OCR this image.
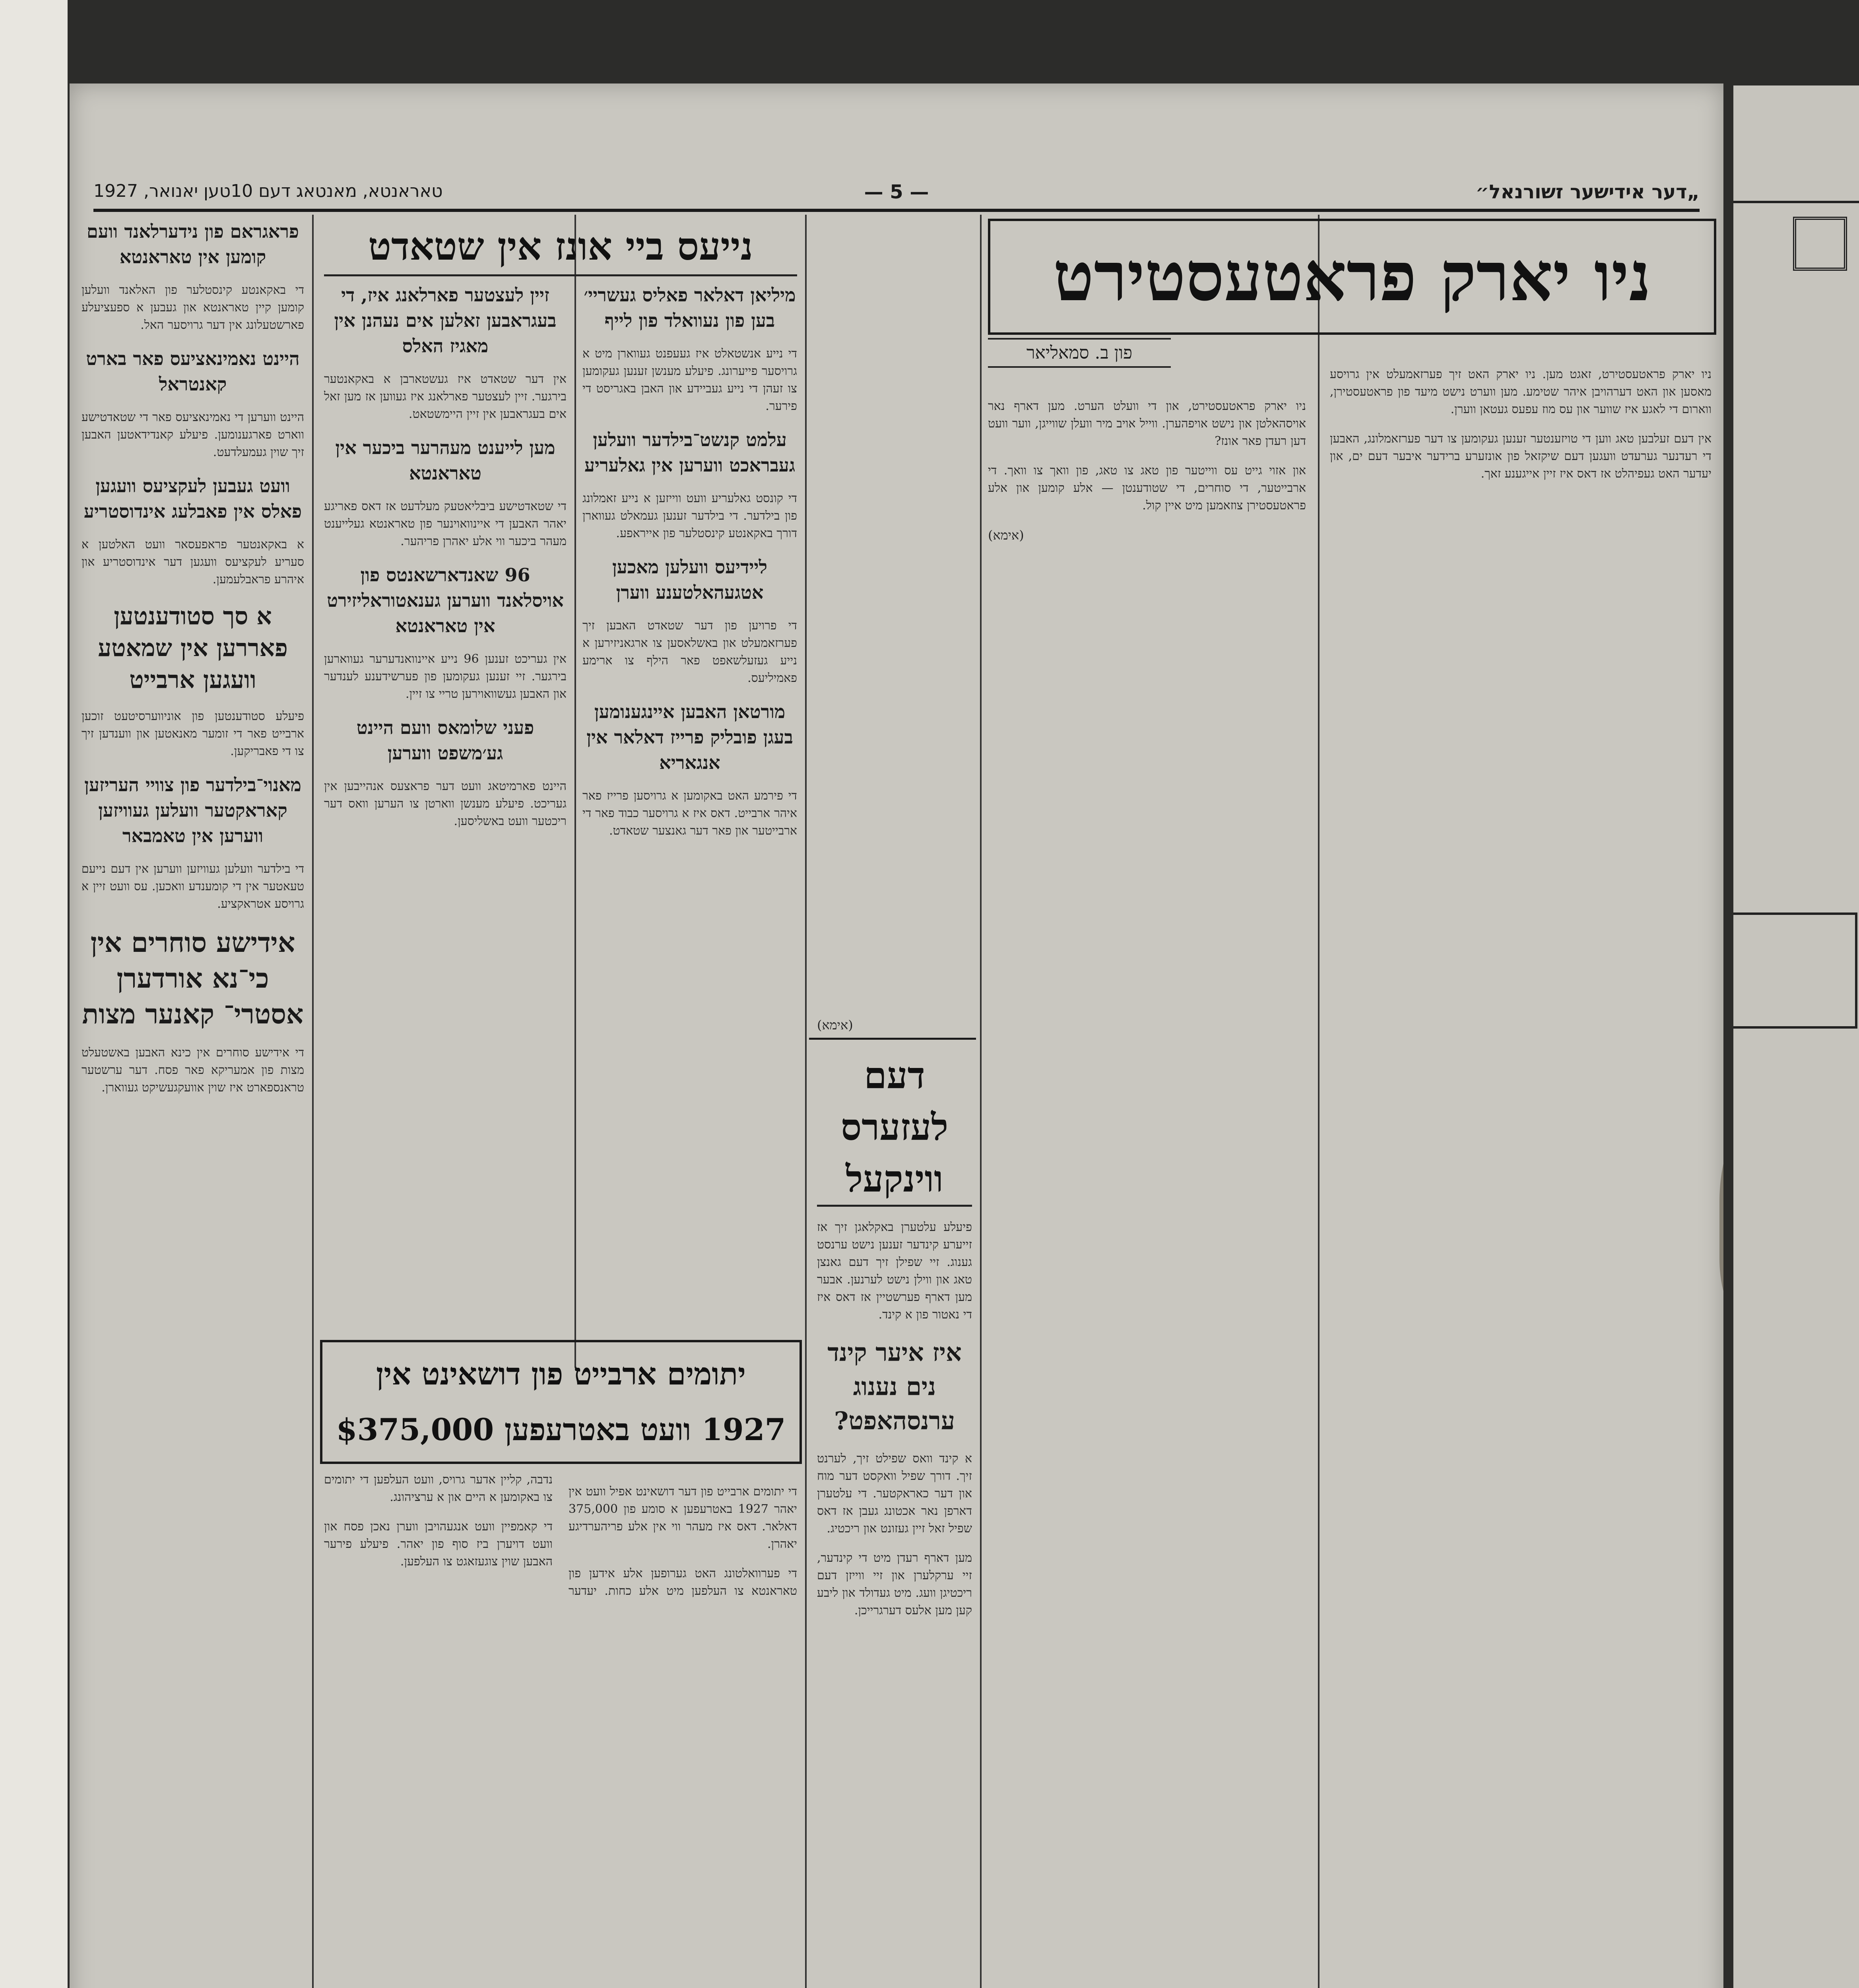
„דער אידישער זשורנאל״
— 5 —
טאראנטא, מאנטאג דעם 10טען יאנואר, 1927
ניו יארק פראטעסטירט
פון ב. סמאליאר

ניו יארק פראטעסטירט, זאגט מען. ניו יארק האט זיך פערזאמעלט אין גרויסע מאסען און האט דערהויבן איהר שטימע. מען ווערט נישט מיעד פון פראטעסטירן, ווארום די לאגע איז שווער און עס מוז עפעס געטאן ווערן.

אין דעם זעלבען טאג ווען די טויזענטער זענען געקומען צו דער פערזאמלונג, האבען די רעדנער גערעדט וועגען דעם שיקזאל פון אונזערע ברידער איבער דעם ים, און יעדער האט געפיהלט אז דאס איז זיין אייגענע זאך.

ניו יארק פראטעסטירט, און די וועלט הערט. מען דארף נאר אויסהאלטן און נישט אויפהערן. ווייל אויב מיר וועלן שווייגן, ווער וועט דען רעדן פאר אונז?

און אזוי גייט עס ווייטער פון טאג צו טאג, פון וואך צו וואך. די ארבייטער, די סוחרים, די שטודענטן — אלע קומען און אלע פראטעסטירן צוזאמען מיט איין קול.

(אימא)
(אימא)
דעם לעזערס ווינקעל

פיעלע עלטערן באקלאגן זיך אז זייערע קינדער זענען נישט ערנסט גענוג. זיי שפילן זיך דעם גאנצן טאג און ווילן נישט לערנען. אבער מען דארף פערשטיין אז דאס איז די נאטור פון א קינד.

איז איער קינד נים נענוג ערנסהאפט?

א קינד וואס שפילט זיך, לערנט זיך. דורך שפיל וואקסט דער מוח און דער כאראקטער. די עלטערן דארפן נאר אכטונג געבן אז דאס שפיל זאל זיין געזונט און ריכטיג.

מען דארף רעדן מיט די קינדער, זיי ערקלערן און זיי ווייזן דעם ריכטיגן וועג. מיט געדולד און ליבע קען מען אלעס דערגרייכן.

נייעס ביי אונז אין שטאדט
מיליאן דאלאר פאליס געשריי׳ בען פון נעוואלד פון לייף

די נייע אנשטאלט איז געעפנט געווארן מיט א גרויסער פייערונג. פיעלע מענשן זענען געקומען צו זעהן די נייע געביידע און האבן באגריסט די פירער.

עלמט קנשט־בילדער וועלען געבראכט ווערען אין גאלעריע

די קונסט גאלעריע וועט ווייזען א נייע זאמלונג פון בילדער. די בילדער זענען געמאלט געווארן דורך באקאנטע קינסטלער פון אייראפע.

ליידיעס וועלען מאכען אטגעהאלטענע ווערן

די פרויען פון דער שטאדט האבען זיך פערזאמעלט און באשלאסען צו ארגאניזירען א נייע געזעלשאפט פאר הילף צו ארימע פאמיליעס.

מורטאן האבען איינגענומען בעגן פובליק פרייז דאלאר אין אנגאריא

די פירמע האט באקומען א גרויסען פרייז פאר איהר ארבייט. דאס איז א גרויסער כבוד פאר די ארבייטער און פאר דער גאנצער שטאדט.

זיין לעצטער פארלאנג איז, די בעגראבען זאלען אים נעהנן אין מאגיז האלס

אין דער שטאדט איז געשטארבן א באקאנטער בירגער. זיין לעצטער פארלאנג איז געווען אז מען זאל אים בעגראבען אין זיין היימשטאט.

מען לייענט מעהרער ביכער אין טאראנטא

די שטאדטישע ביבליאטעק מעלדעט אז דאס פאריגע יאהר האבען די איינוואוינער פון טאראנטא געלייענט מעהר ביכער ווי אלע יאהרן פריהער.

96 שאנדארשאנטס פון אויסלאנד ווערען גענאטוראליזירט אין טאראנטא

אין געריכט זענען 96 נייע איינוואנדערער געווארען בירגער. זיי זענען געקומען פון פערשידענע לענדער און האבען געשוואוירען טריי צו זיין.

פעני שלומאס וועם היינט גע׳משפט ווערען

היינט פארמיטאג וועט דער פראצעס אנהייבען אין געריכט. פיעלע מענשן ווארטן צו הערען וואס דער ריכטער וועט באשליסען.

יתומים ארבייט פון דושאינט אין 1927 וועט באטרעפען $375,000

די יתומים ארבייט פון דער דושאינט אפיל וועט אין יאהר 1927 באטרעפען א סומע פון 375,000 דאלאר. דאס איז מעהר ווי אין אלע פריהערדיגע יאהרן.

די פערוואלטונג האט גערופען אלע אידען פון טאראנטא צו העלפען מיט אלע כחות. יעדער נדבה, קליין אדער גרויס, וועט העלפען די יתומים צו באקומען א היים און א ערציהונג.

די קאמפיין וועט אנגעהויבן ווערן נאכן פסח און וועט דויערן ביז סוף פון יאהר. פיעלע פירער האבען שוין צוגעזאגט צו העלפען.

פראגראם פון נידערלאנד וועם קומען אין טאראנטא

די באקאנטע קינסטלער פון האלאנד וועלען קומען קיין טאראנטא און געבען א ספעציעלע פארשטעלונג אין דער גרויסער האל.

היינט נאמינאציעס פאר בארט קאנטראל

היינט ווערען די נאמינאציעס פאר די שטאדטישע ווארט פארגענומען. פיעלע קאנדידאטען האבען זיך שוין געמעלדעט.

וועט געבען לעקציעס וועגען פאלס אין פאבלעג אינדוסטריע

א באקאנטער פראפעסאר וועט האלטען א סעריע לעקציעס וועגען דער אינדוסטריע און איהרע פראבלעמען.

א סך סטודענטען פאררען אין שמאטע וועגען ארבייט

פיעלע סטודענטען פון אוניווערסיטעט זוכען ארבייט פאר די זומער מאנאטען און ווענדען זיך צו די פאבריקען.

מאנוי־בילדער פון צוויי העריזען קאראקטער וועלען געוויזען ווערען אין טאמבאר

די בילדער וועלען געוויזען ווערען אין דעם נייעם טעאטער אין די קומענדע וואכען. עס וועט זיין א גרויסע אטראקציע.

אידישע סוחרים אין כי־נא אורדערן אסטרי־ קאנער מצות

די אידישע סוחרים אין כינא האבען באשטעלט מצות פון אמעריקא פאר פסח. דער ערשטער טראנספארט איז שוין אוועקגעשיקט געווארן.
